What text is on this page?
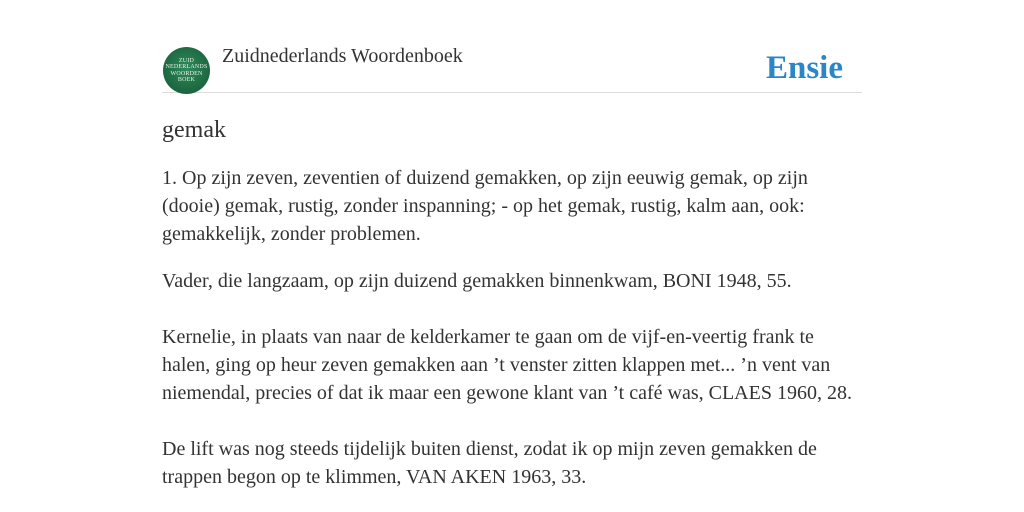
ZUID
NEDERLANDS
WOORDEN
BOEK
Zuidnederlands Woordenboek	Ensie
gemak

1. Op zijn zeven, zeventien of duizend gemakken, op zijn eeuwig gemak, op zijn (dooie) gemak, rustig, zonder inspanning; - op het gemak, rustig, kalm aan, ook: gemakkelijk, zonder problemen.

Vader, die langzaam, op zijn duizend gemakken binnenkwam, BONI 1948, 55.

Kernelie, in plaats van naar de kelderkamer te gaan om de vijf-en-veertig frank te halen, ging op heur zeven gemakken aan ’t venster zitten klappen met... ’n vent van niemendal, precies of dat ik maar een gewone klant van ’t café was, CLAES 1960, 28.

De lift was nog steeds tijdelijk buiten dienst, zodat ik op mijn zeven gemakken de trappen begon op te klimmen, VAN AKEN 1963, 33.
